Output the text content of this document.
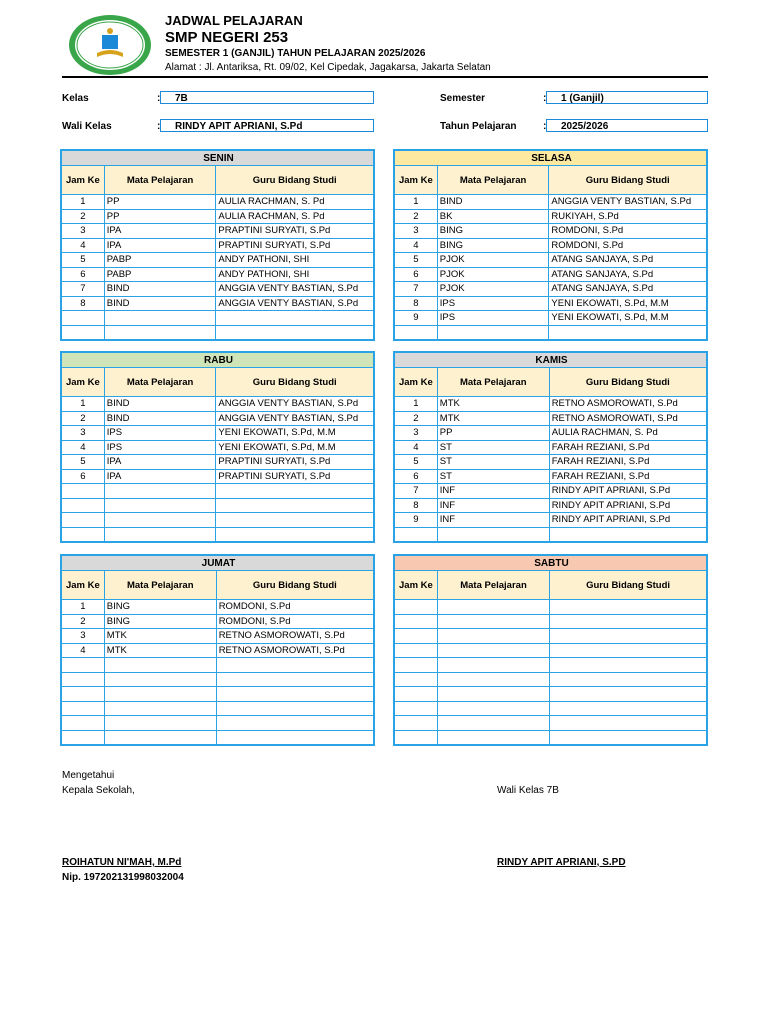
JADWAL PELAJARAN
SMP NEGERI 253
SEMESTER 1 (GANJIL) TAHUN PELAJARAN 2025/2026
Alamat : Jl. Antariksa, Rt. 09/02, Kel Cipedak, Jagakarsa, Jakarta Selatan
Kelas	:	7B
Wali Kelas	:	RINDY APIT APRIANI, S.Pd
Semester	:	1 (Ganjil)
Tahun Pelajaran	:	2025/2026
SENIN		
Jam Ke	Mata Pelajaran	Guru Bidang Studi
1	PP	AULIA RACHMAN, S. Pd
2	PP	AULIA RACHMAN, S. Pd
3	IPA	PRAPTINI SURYATI, S.Pd
4	IPA	PRAPTINI SURYATI, S.Pd
5	PABP	ANDY PATHONI, SHI
6	PABP	ANDY PATHONI, SHI
7	BIND	ANGGIA VENTY BASTIAN, S.Pd
8	BIND	ANGGIA VENTY BASTIAN, S.Pd

SELASA		
Jam Ke	Mata Pelajaran	Guru Bidang Studi
1	BIND	ANGGIA VENTY BASTIAN, S.Pd
2	BK	RUKIYAH, S.Pd
3	BING	ROMDONI, S.Pd
4	BING	ROMDONI, S.Pd
5	PJOK	ATANG SANJAYA, S.Pd
6	PJOK	ATANG SANJAYA, S.Pd
7	PJOK	ATANG SANJAYA, S.Pd
8	IPS	YENI EKOWATI, S.Pd, M.M
9	IPS	YENI EKOWATI, S.Pd, M.M

RABU		
Jam Ke	Mata Pelajaran	Guru Bidang Studi
1	BIND	ANGGIA VENTY BASTIAN, S.Pd
2	BIND	ANGGIA VENTY BASTIAN, S.Pd
3	IPS	YENI EKOWATI, S.Pd, M.M
4	IPS	YENI EKOWATI, S.Pd, M.M
5	IPA	PRAPTINI SURYATI, S.Pd
6	IPA	PRAPTINI SURYATI, S.Pd

KAMIS		
Jam Ke	Mata Pelajaran	Guru Bidang Studi
1	MTK	RETNO ASMOROWATI, S.Pd
2	MTK	RETNO ASMOROWATI, S.Pd
3	PP	AULIA RACHMAN, S. Pd
4	ST	FARAH REZIANI, S.Pd
5	ST	FARAH REZIANI, S.Pd
6	ST	FARAH REZIANI, S.Pd
7	INF	RINDY APIT APRIANI, S.Pd
8	INF	RINDY APIT APRIANI, S.Pd
9	INF	RINDY APIT APRIANI, S.Pd

JUMAT		
Jam Ke	Mata Pelajaran	Guru Bidang Studi
1	BING	ROMDONI, S.Pd
2	BING	ROMDONI, S.Pd
3	MTK	RETNO ASMOROWATI, S.Pd
4	MTK	RETNO ASMOROWATI, S.Pd

SABTU		
Jam Ke	Mata Pelajaran	Guru Bidang Studi

Mengetahui
Kepala Sekolah,	Wali Kelas 7B
ROIHATUN NI'MAH, M.Pd
Nip. 197202131998032004
RINDY APIT APRIANI, S.PD
